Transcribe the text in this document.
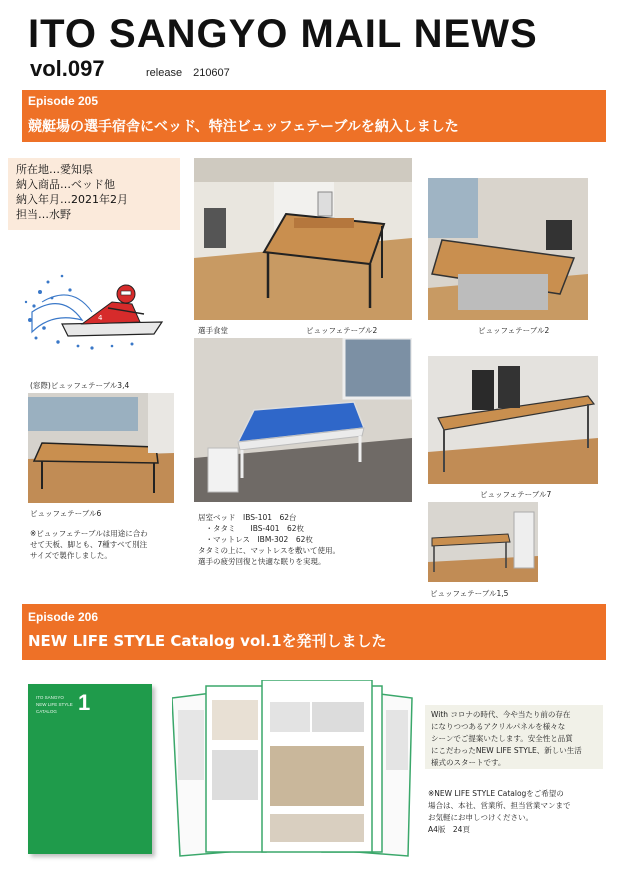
ITO SANGYO MAIL NEWS
vol.097	release　210607
Episode 205
競艇場の選手宿舎にベッド、特注ビュッフェテーブルを納入しました
所在地…愛知県
納入商品…ベッド他
納入年月…2021年2月
担当…水野
4
選手食堂	ビュッフェテーブル2	ビュッフェテーブル2
(窓際)ビュッフェテーブル3,4
ビュッフェテーブル6
※ビュッフェテーブルは用途に合わ
せて天板、脚とも、7種すべて別注
サイズで製作しました。
居室ベッド　IBS-101　62台
　・タタミ　　IBS-401　62枚
　・マットレス　IBM-302　62枚
タタミの上に、マットレスを敷いて使用。
選手の疲労回復と快適な眠りを実現。
ビュッフェテーブル7
ビュッフェテーブル1,5
Episode 206
NEW LIFE STYLE Catalog vol.1を発刊しました
ITO SANGYO
NEW LIFE STYLE
CATALOG 1	With コロナの時代、今や当たり前の存在
になりつつあるアクリルパネルを様々な
シーンでご提案いたします。安全性と品質
にこだわったNEW LIFE STYLE、新しい生活
様式のスタートです。
※NEW LIFE STYLE Catalogをご希望の
場合は、本社、営業所、担当営業マンまで
お気軽にお申しつけください。
A4版　24頁
